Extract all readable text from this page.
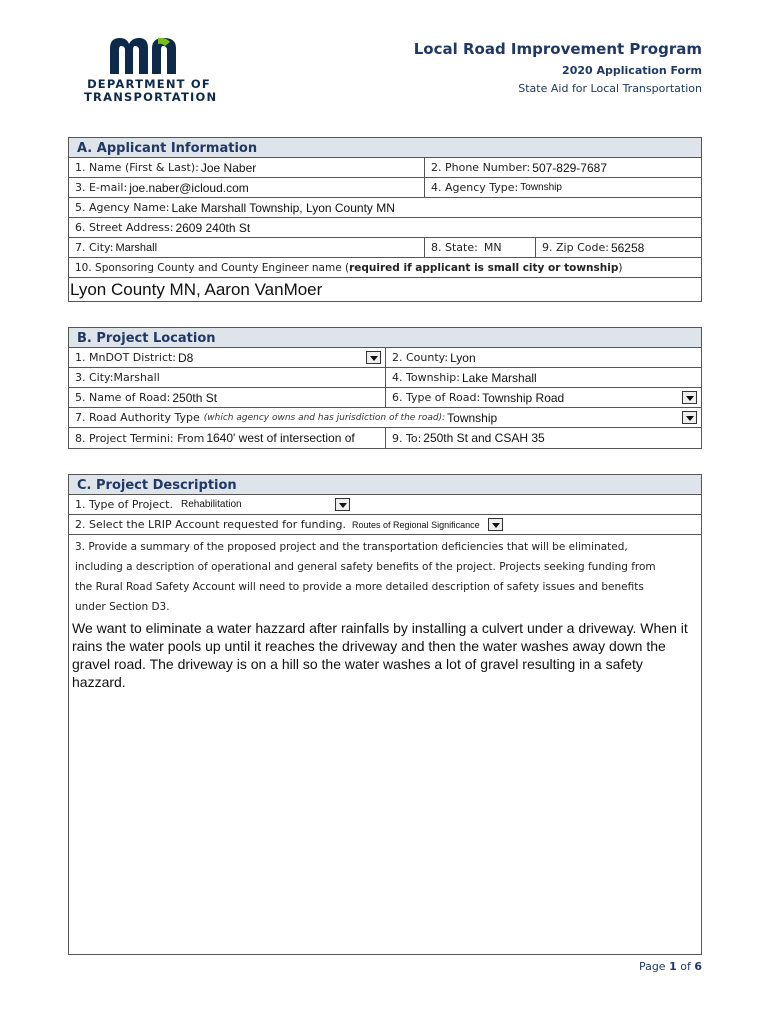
DEPARTMENT OF
TRANSPORTATION
Local Road Improvement Program
2020 Application Form
State Aid for Local Transportation
A. Applicant Information
1. Name (First & Last): Joe Naber	2. Phone Number: 507-829-7687
3. E-mail: joe.naber@icloud.com	4. Agency Type: Township
5. Agency Name: Lake Marshall Township, Lyon County MN
6. Street Address: 2609 240th St
7. City: Marshall	8. State: MN	9. Zip Code: 56258
10. Sponsoring County and County Engineer name ( required if applicant is small city or township )
Lyon County MN, Aaron VanMoer
B. Project Location
1. MnDOT District: D8	2. County: Lyon
3. City: Marshall	4. Township: Lake Marshall
5. Name of Road: 250th St	6. Type of Road: Township Road
7. Road Authority Type (which agency owns and has jurisdiction of the road): Township
8. Project Termini: From 1640' west of intersection of	9. To: 250th St and CSAH 35
C. Project Description
1. Type of Project. Rehabilitation
2. Select the LRIP Account requested for funding. Routes of Regional Significance
3. Provide a summary of the proposed project and the transportation deficiencies that will be eliminated,
including a description of operational and general safety benefits of the project. Projects seeking funding from
the Rural Road Safety Account will need to provide a more detailed description of safety issues and benefits
under Section D3.
We want to eliminate a water hazzard after rainfalls by installing a culvert under a driveway. When it rains the water pools up until it reaches the driveway and then the water washes away down the gravel road. The driveway is on a hill so the water washes a lot of gravel resulting in a safety hazzard.
Page 1 of 6
